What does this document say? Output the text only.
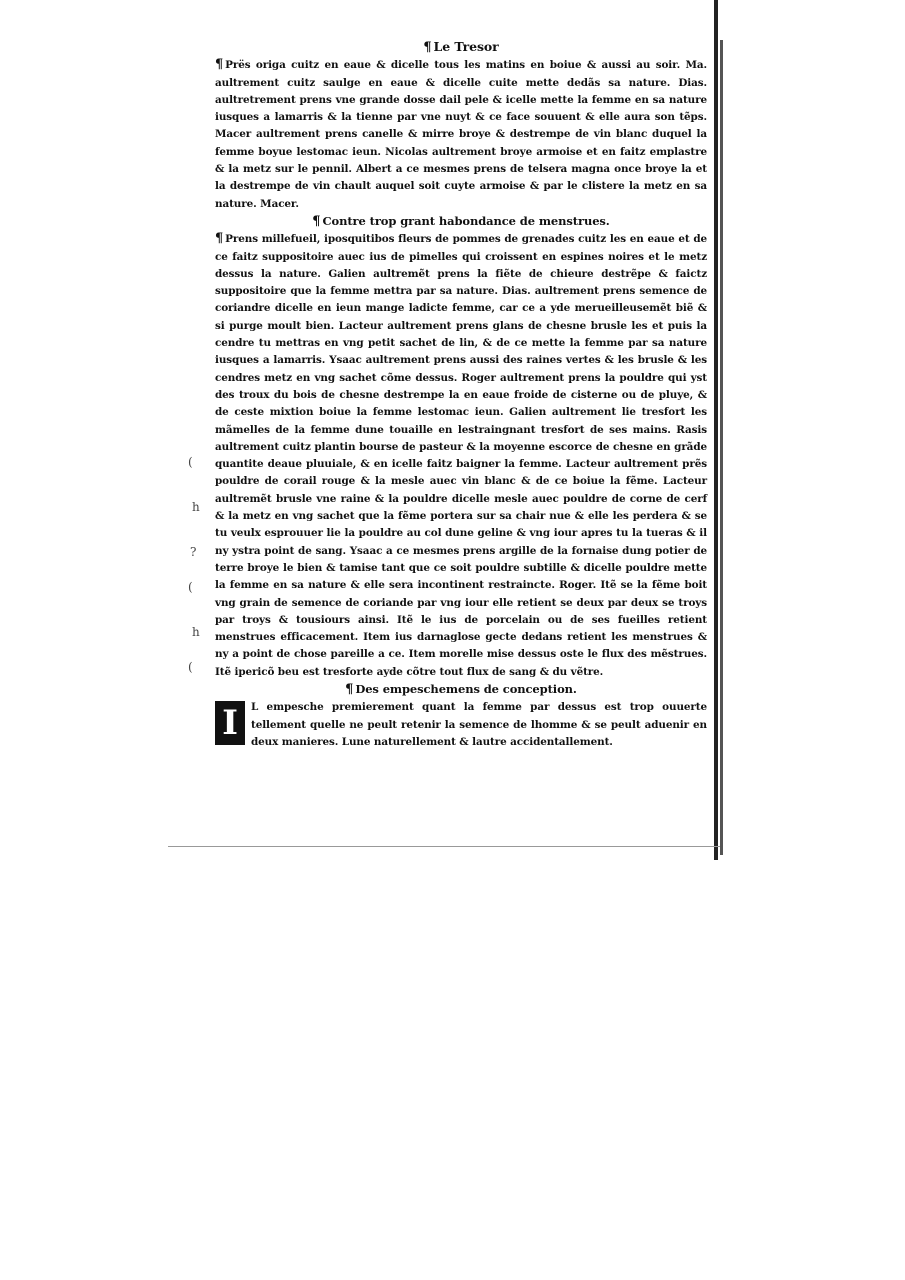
(
h
?
(
h
(
¶ Le Tresor

¶ Prës origa cuitz en eaue & dicelle tous les matins en boiue & aussi au soir. Ma. aultrement cuitz saulge en eaue & dicelle cuite mette dedãs sa nature. Dias. aultretrement prens vne grande dosse dail pele & icelle mette la femme en sa nature iusques a lamarris & la tienne par vne nuyt & ce face souuent & elle aura son tẽps. Macer aultrement prens canelle & mirre broye & destrempe de vin blanc duquel la femme boyue lestomac ieun. Nicolas aultrement broye armoise et en faitz emplastre & la metz sur le pennil. Albert a ce mesmes prens de telsera magna once broye la et la destrempe de vin chault auquel soit cuyte armoise & par le clistere la metz en sa nature. Macer.

¶ Contre trop grant habondance de menstrues.

¶ Prens millefueil, iposquitibos fleurs de pommes de grenades cuitz les en eaue et de ce faitz suppositoire auec ius de pimelles qui croissent en espines noires et le metz dessus la nature. Galien aultremẽt prens la fiẽte de chieure destrẽpe & faictz suppositoire que la femme mettra par sa nature. Dias. aultrement prens semence de coriandre dicelle en ieun mange ladicte femme, car ce a yde merueilleusemẽt biẽ & si purge moult bien. Lacteur aultrement prens glans de chesne brusle les et puis la cendre tu mettras en vng petit sachet de lin, & de ce mette la femme par sa nature iusques a lamarris. Ysaac aultrement prens aussi des raines vertes & les brusle & les cendres metz en vng sachet cõme dessus. Roger aultrement prens la pouldre qui yst des troux du bois de chesne destrempe la en eaue froide de cisterne ou de pluye, & de ceste mixtion boiue la femme lestomac ieun. Galien aultrement lie tresfort les mãmelles de la femme dune touaille en lestraingnant tresfort de ses mains. Rasis aultrement cuitz plantin bourse de pasteur & la moyenne escorce de chesne en grãde quantite deaue pluuiale, & en icelle faitz baigner la femme. Lacteur aultrement prẽs pouldre de corail rouge & la mesle auec vin blanc & de ce boiue la fẽme. Lacteur aultremẽt brusle vne raine & la pouldre dicelle mesle auec pouldre de corne de cerf & la metz en vng sachet que la fẽme portera sur sa chair nue & elle les perdera & se tu veulx esprouuer lie la pouldre au col dune geline & vng iour apres tu la tueras & il ny ystra point de sang. Ysaac a ce mesmes prens argille de la fornaise dung potier de terre broye le bien & tamise tant que ce soit pouldre subtille & dicelle pouldre mette la femme en sa nature & elle sera incontinent restraincte. Roger. Itẽ se la fẽme boit vng grain de semence de coriande par vng iour elle retient se deux par deux se troys par troys & tousiours ainsi. Itẽ le ius de porcelain ou de ses fueilles retient menstrues efficacement. Item ius darnaglose gecte dedans retient les menstrues & ny a point de chose pareille a ce. Item morelle mise dessus oste le flux des mẽstrues. Itẽ ipericõ beu est tresforte ayde cõtre tout flux de sang & du vẽtre.

¶ Des empeschemens de conception.

I	L empesche premierement quant la femme par dessus est trop ouuerte tellement quelle ne peult retenir la semence de lhomme & se peult aduenir en deux manieres. Lune naturellement & lautre accidentallement.
